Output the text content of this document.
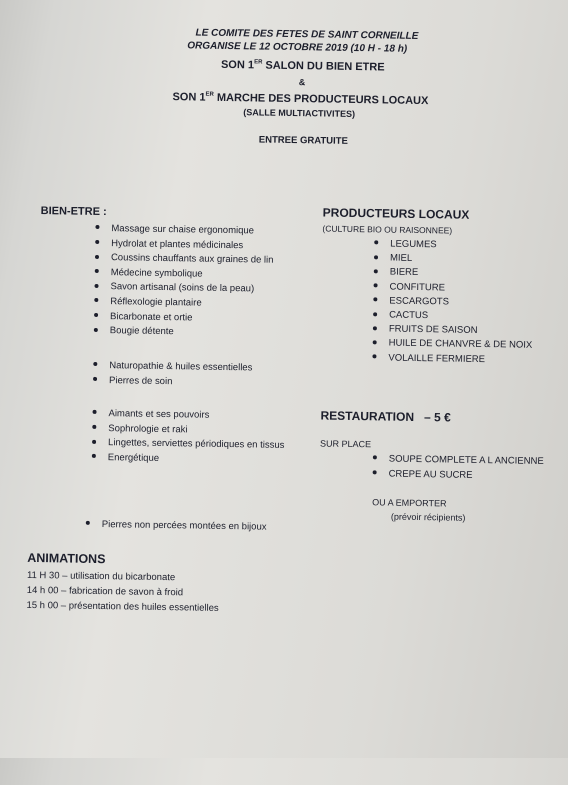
LE COMITE DES FETES DE SAINT CORNEILLE
ORGANISE LE 12 OCTOBRE 2019 (10 H - 18 h)
SON 1ER SALON DU BIEN ETRE
&
SON 1ER MARCHE DES PRODUCTEURS LOCAUX
(SALLE MULTIACTIVITES)
ENTREE GRATUITE
BIEN-ETRE :
Massage sur chaise ergonomique
Hydrolat et plantes médicinales
Coussins chauffants aux graines de lin
Médecine symbolique
Savon artisanal (soins de la peau)
Réflexologie plantaire
Bicarbonate et ortie
Bougie détente
Naturopathie & huiles essentielles
Pierres de soin
Aimants et ses pouvoirs
Sophrologie et raki
Lingettes, serviettes périodiques en tissus
Energétique
Pierres non percées montées en bijoux
PRODUCTEURS LOCAUX
(CULTURE BIO OU RAISONNEE)
LEGUMES
MIEL
BIERE
CONFITURE
ESCARGOTS
CACTUS
FRUITS DE SAISON
HUILE DE CHANVRE & DE NOIX
VOLAILLE FERMIERE
RESTAURATION – 5 €
SUR PLACE
SOUPE COMPLETE A L ANCIENNE
CREPE AU SUCRE
OU A EMPORTER
(prévoir récipients)
ANIMATIONS
11 H 30 – utilisation du bicarbonate
14 h 00 – fabrication de savon à froid
15 h 00 – présentation des huiles essentielles
